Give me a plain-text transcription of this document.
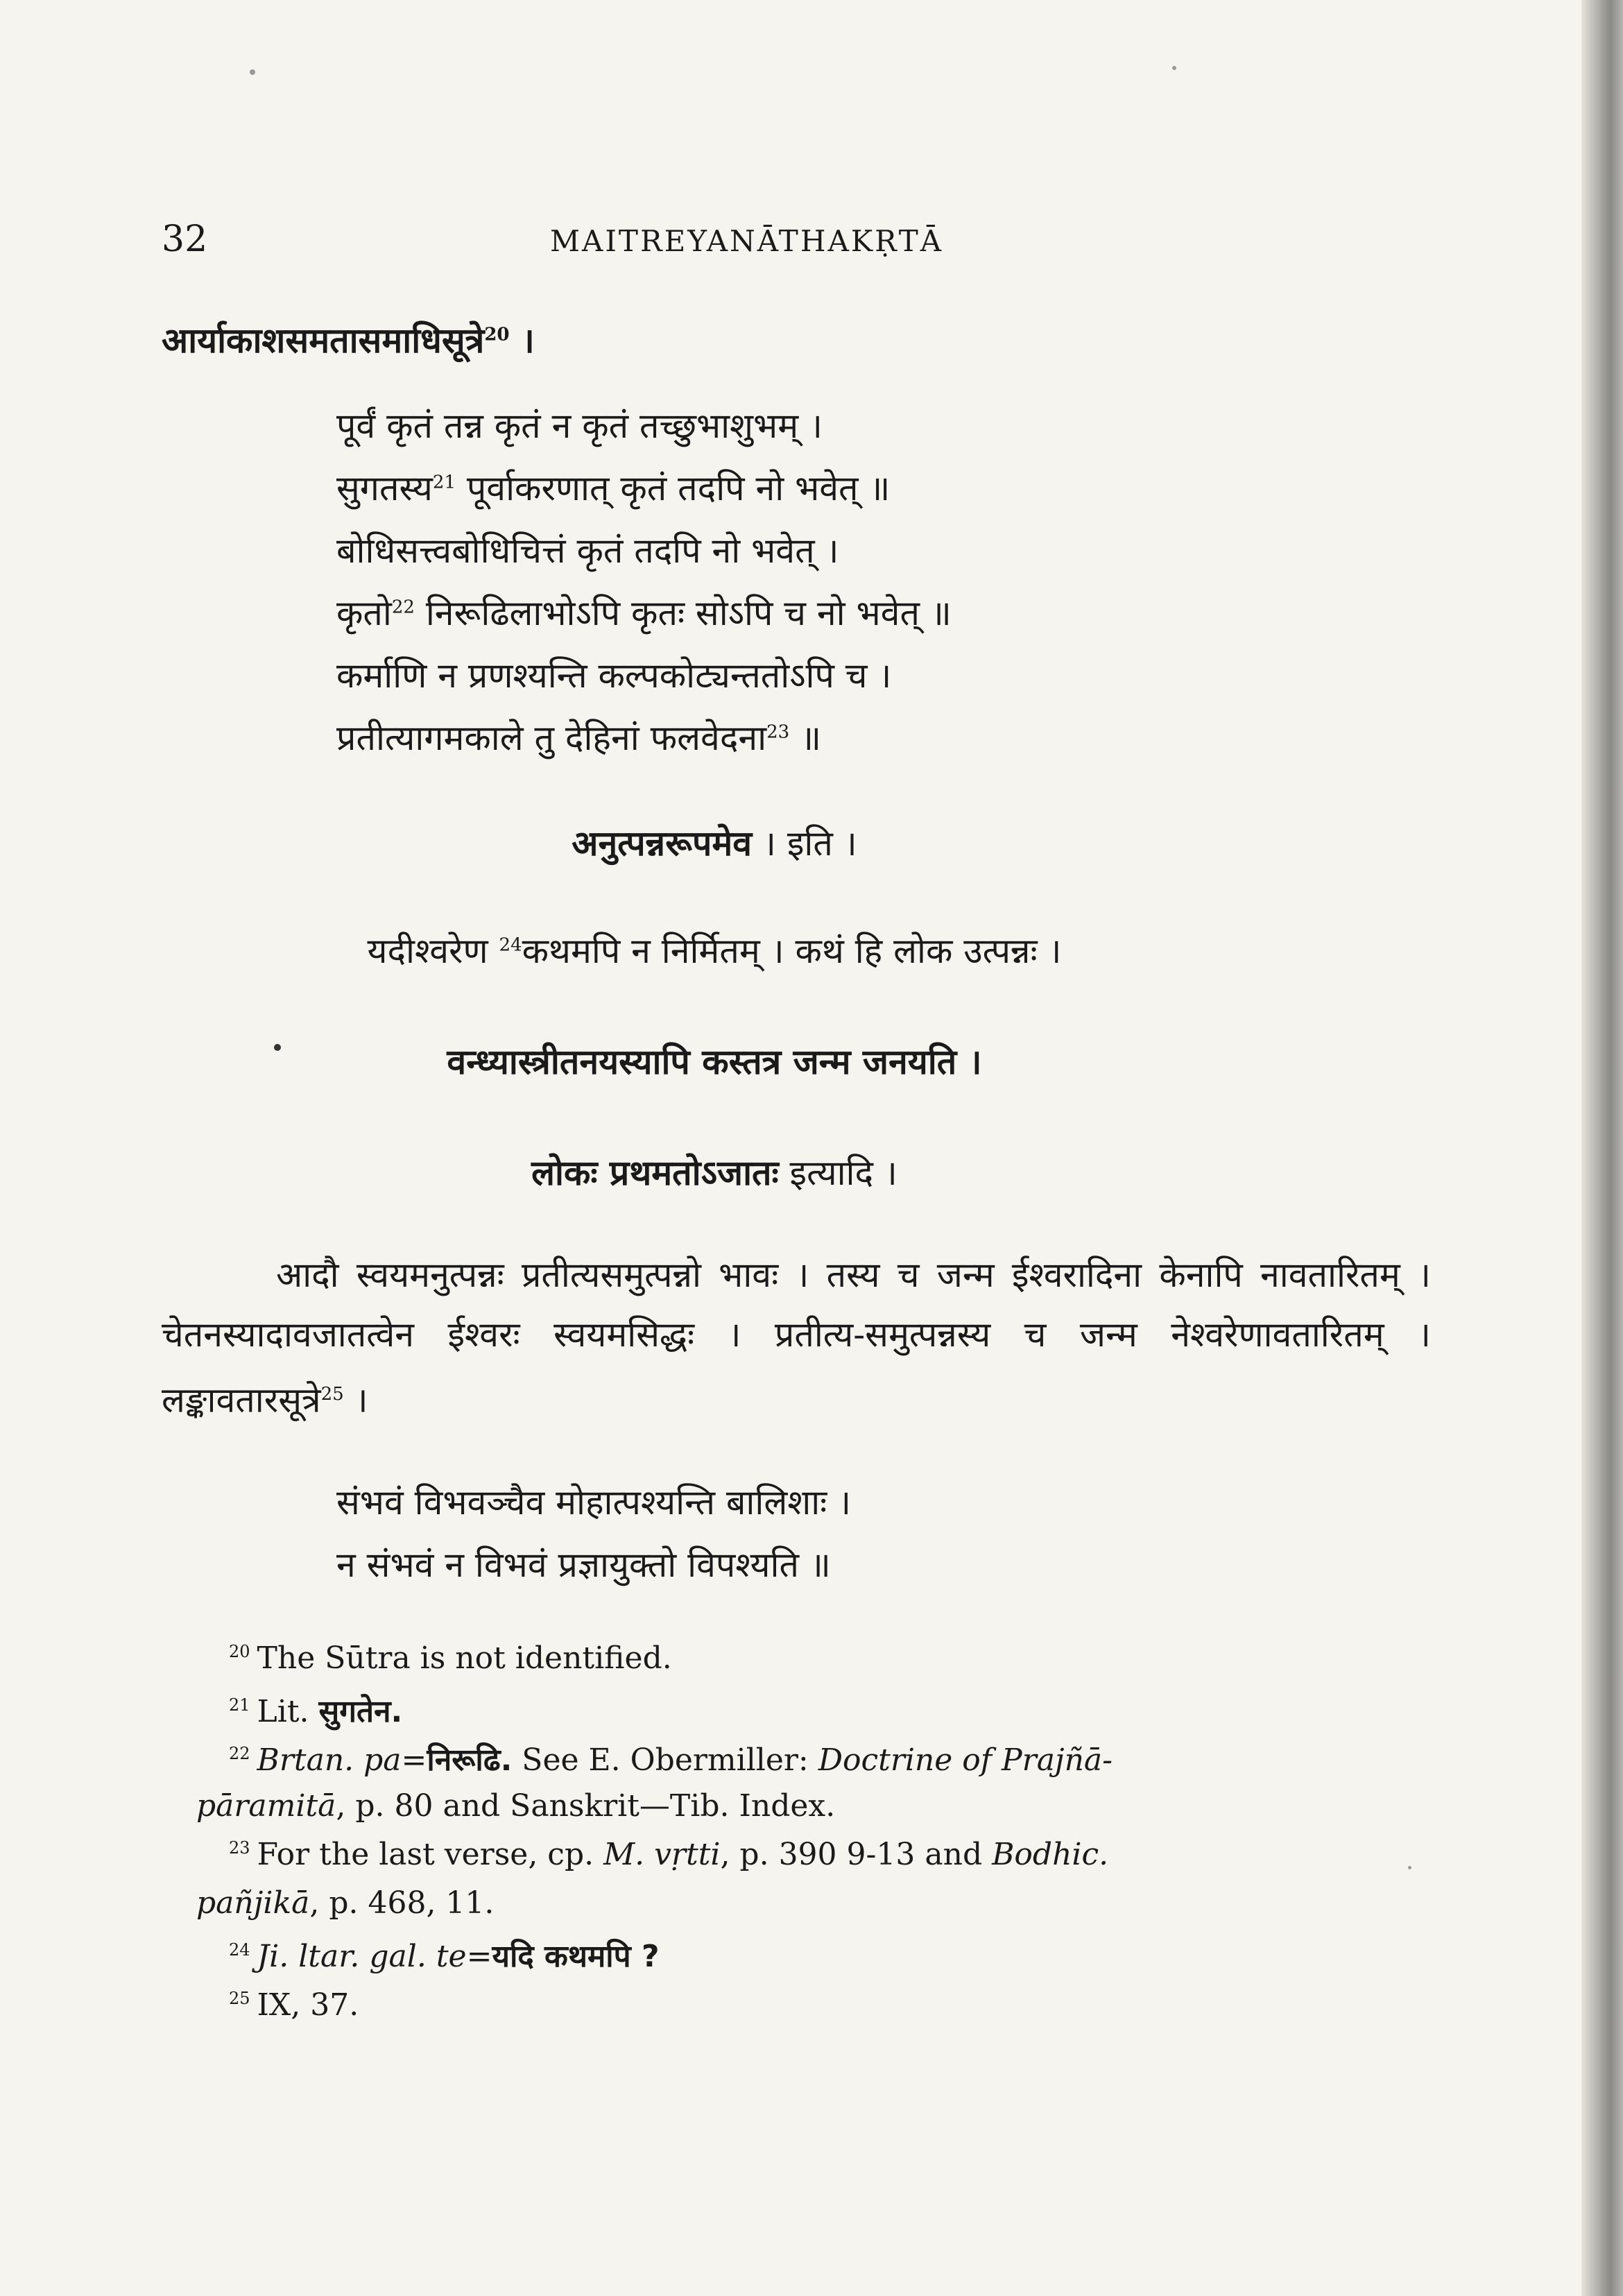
32	MAITREYANĀTHAKṚTĀ
आर्याकाशसमतासमाधिसूत्रे$^{20}$ ।
पूर्वं कृतं तन्न कृतं न कृतं तच्छुभाशुभम् ।
सुगतस्य$^{21}$ पूर्वाकरणात् कृतं तदपि नो भवेत् ॥
बोधिसत्त्वबोधिचित्तं कृतं तदपि नो भवेत् ।
कृतो$^{22}$ निरूढिलाभोऽपि कृतः सोऽपि च नो भवेत् ॥
कर्माणि न प्रणश्यन्ति कल्पकोट्यन्ततोऽपि च ।
प्रतीत्यागमकाले तु देहिनां फलवेदना$^{23}$ ॥
अनुत्पन्नरूपमेव । इति ।
यदीश्वरेण $^{24}$कथमपि न निर्मितम् । कथं हि लोक उत्पन्नः ।
वन्ध्यास्त्रीतनयस्यापि कस्तत्र जन्म जनयति ।
लोकः प्रथमतोऽजातः इत्यादि ।
आदौ स्वयमनुत्पन्नः प्रतीत्यसमुत्पन्नो भावः । तस्य च जन्म ईश्वरादिना केनापि नावतारितम् । चेतनस्यादावजातत्वेन ईश्वरः स्वयमसिद्धः । प्रतीत्य-समुत्पन्नस्य च जन्म नेश्वरेणावतारितम् । लङ्कावतारसूत्रे$^{25}$ ।
संभवं विभवञ्चैव मोहात्पश्यन्ति बालिशाः ।
न संभवं न विभवं प्रज्ञायुक्तो विपश्यति ॥
$^{20}$ The Sūtra is not identified.
$^{21}$ Lit. सुगतेन.
$^{22}$ Brtan. pa=निरूढि. See E. Obermiller: Doctrine of Prajñā-
pāramitā, p. 80 and Sanskrit—Tib. Index.
$^{23}$ For the last verse, cp. M. vṛtti, p. 390 9-13 and Bodhic.
pañjikā, p. 468, 11.
$^{24}$ Ji. ltar. gal. te=यदि कथमपि ?
$^{25}$ IX, 37.
